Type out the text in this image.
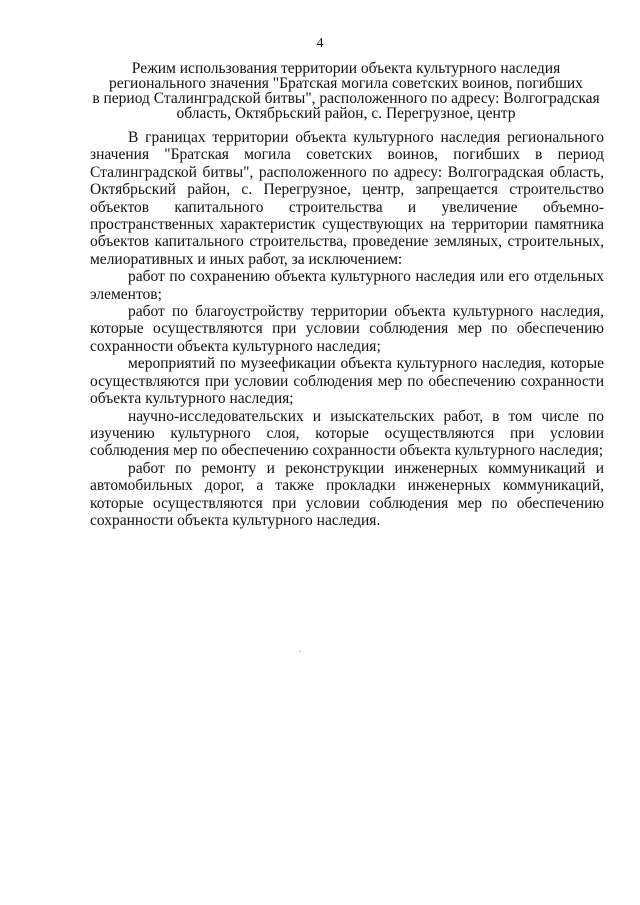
4
Режим использования территории объекта культурного наследия
регионального значения "Братская могила советских воинов, погибших
в период Сталинградской битвы", расположенного по адресу: Волгоградская
область, Октябрьский район, с. Перегрузное, центр

В границах территории объекта культурного наследия регионального значения "Братская могила советских воинов, погибших в период Сталинградской битвы", расположенного по адресу: Волгоградская область, Октябрьский район, с. Перегрузное, центр, запрещается строительство объектов капитального строительства и увеличение объемно-пространственных характеристик существующих на территории памятника объектов капитального строительства, проведение земляных, строительных, мелиоративных и иных работ, за исключением:

работ по сохранению объекта культурного наследия или его отдельных элементов;

работ по благоустройству территории объекта культурного наследия, которые осуществляются при условии соблюдения мер по обеспечению сохранности объекта культурного наследия;

мероприятий по музеефикации объекта культурного наследия, которые осуществляются при условии соблюдения мер по обеспечению сохранности объекта культурного наследия;

научно-исследовательских и изыскательских работ, в том числе по изучению культурного слоя, которые осуществляются при условии соблюдения мер по обеспечению сохранности объекта культурного наследия;

работ по ремонту и реконструкции инженерных коммуникаций и автомобильных дорог, а также прокладки инженерных коммуникаций, которые осуществляются при условии соблюдения мер по обеспечению сохранности объекта культурного наследия.
